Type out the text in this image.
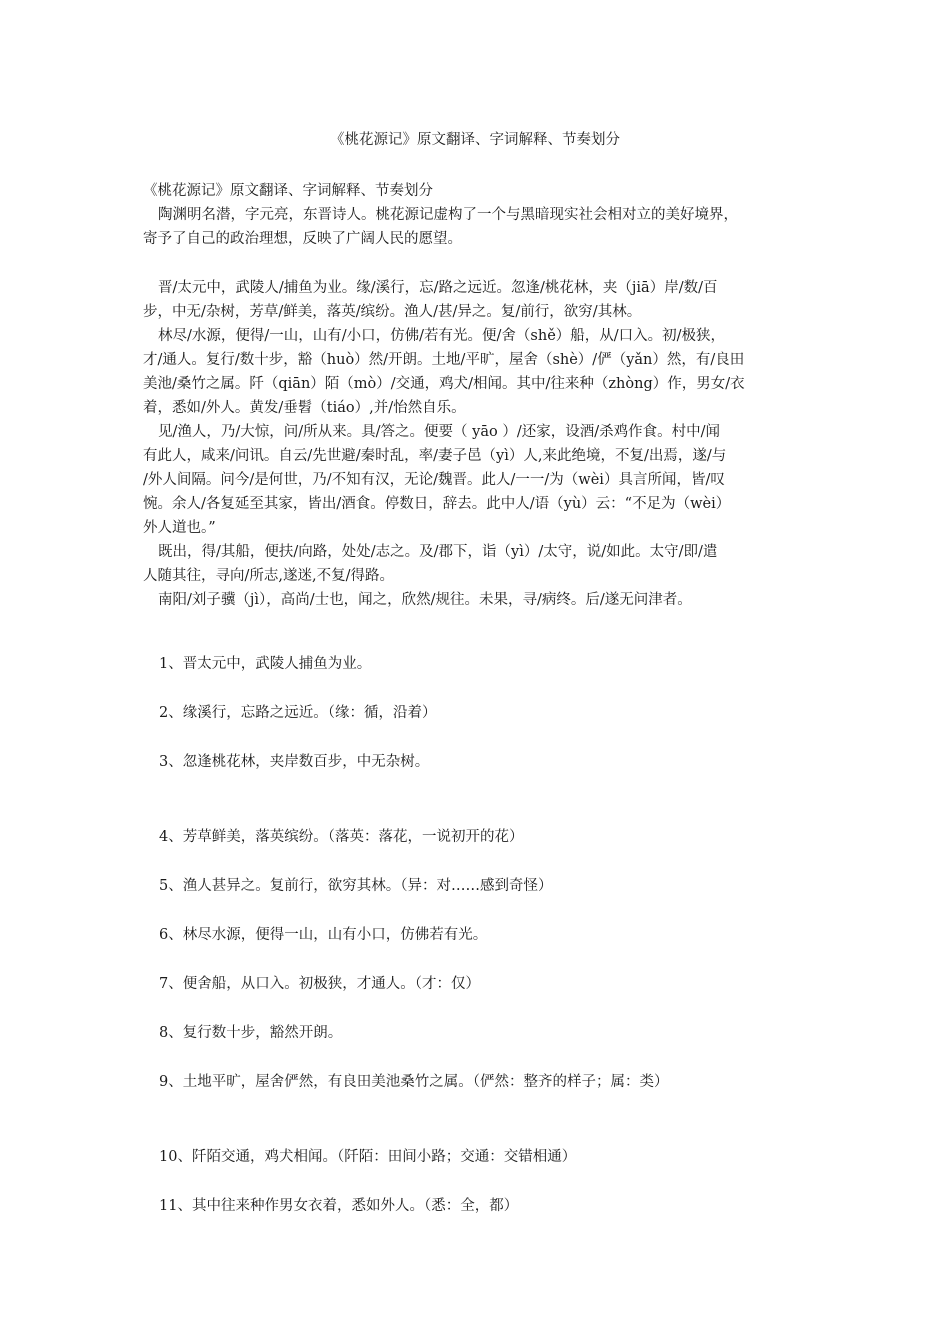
《桃花源记》原文翻译、字词解释、节奏划分
《桃花源记》原文翻译、字词解释、节奏划分
陶渊明名潜，字元亮，东晋诗人。桃花源记虚构了一个与黑暗现实社会相对立的美好境界，
寄予了自己的政治理想，反映了广阔人民的愿望。
晋/太元中，武陵人/捕鱼为业。缘/溪行，忘/路之远近。忽逢/桃花林，夹（jiā）岸/数/百
步，中无/杂树，芳草/鲜美，落英/缤纷。渔人/甚/异之。复/前行，欲穷/其林。
林尽/水源，便得/一山，山有/小口，仿佛/若有光。便/舍（shě）船，从/口入。初/极狭，
才/通人。复行/数十步，豁（huò）然/开朗。土地/平旷，屋舍（shè）/俨（yǎn）然，有/良田
美池/桑竹之属。阡（qiān）陌（mò）/交通，鸡犬/相闻。其中/往来种（zhòng）作，男女/衣
着，悉如/外人。黄发/垂髫（tiáo）,并/怡然自乐。
见/渔人，乃/大惊，问/所从来。具/答之。便要（ yāo ）/还家，设酒/杀鸡作食。村中/闻
有此人，咸来/问讯。自云/先世避/秦时乱，率/妻子邑（yì）人,来此绝境，不复/出焉，遂/与
/外人间隔。问今/是何世，乃/不知有汉，无论/魏晋。此人/一一/为（wèi）具言所闻，皆/叹
惋。余人/各复延至其家，皆出/酒食。停数日，辞去。此中人/语（yù）云：“不足为（wèi）
外人道也。”
既出，得/其船，便扶/向路，处处/志之。及/郡下，诣（yì）/太守，说/如此。太守/即/遣
人随其往，寻向/所志,遂迷,不复/得路。
南阳/刘子骥（jì），高尚/士也，闻之，欣然/规往。未果，寻/病终。后/遂无问津者。
1、晋太元中，武陵人捕鱼为业。
2、缘溪行，忘路之远近。（缘：循，沿着）
3、忽逢桃花林，夹岸数百步，中无杂树。
4、芳草鲜美，落英缤纷。（落英：落花，一说初开的花）
5、渔人甚异之。复前行，欲穷其林。（异：对……感到奇怪）
6、林尽水源，便得一山，山有小口，仿佛若有光。
7、便舍船，从口入。初极狭，才通人。（才：仅）
8、复行数十步，豁然开朗。
9、土地平旷，屋舍俨然，有良田美池桑竹之属。（俨然：整齐的样子；属：类）
10、阡陌交通，鸡犬相闻。（阡陌：田间小路；交通：交错相通）
11、其中往来种作男女衣着，悉如外人。（悉：全，都）
